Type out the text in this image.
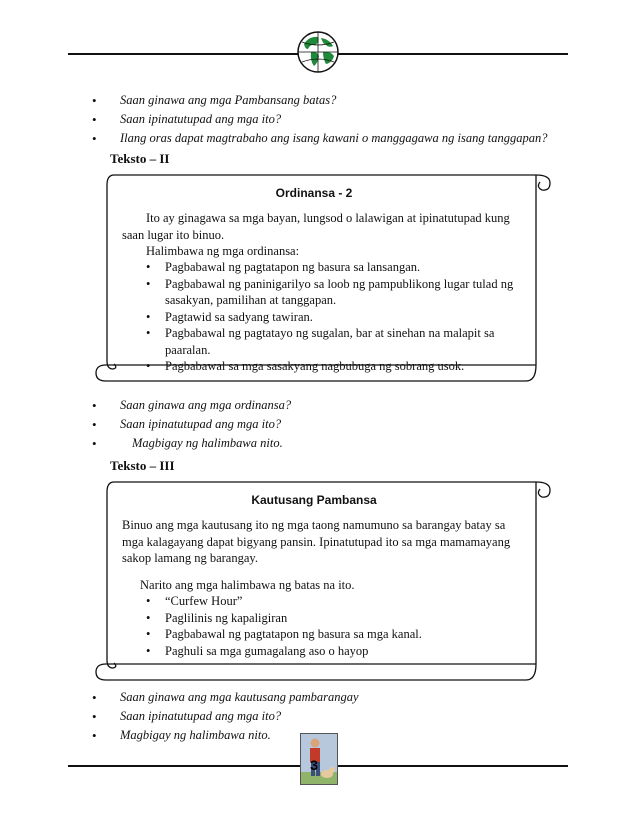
• Saan ginawa ang mga Pambansang batas?
• Saan ipinatutupad ang mga ito?
• Ilang oras dapat magtrabaho ang isang kawani o manggagawa ng isang tanggapan?
Teksto – II
Ordinansa - 2
Ito ay ginagawa sa mga bayan, lungsod o lalawigan at ipinatutupad kung saan lugar ito binuo.
Halimbawa ng mga ordinansa:
• Pagbabawal ng pagtatapon ng basura sa lansangan.
• Pagbabawal ng paninigarilyo sa loob ng pampublikong lugar tulad ng sasakyan, pamilihan at tanggapan.
• Pagtawid sa sadyang tawiran.
• Pagbabawal ng pagtatayo ng sugalan, bar at sinehan na malapit sa paaralan.
• Pagbabawal sa mga sasakyang nagbubuga ng sobrang usok.
• Saan ginawa ang mga ordinansa?
• Saan ipinatutupad ang mga ito?
• Magbigay ng halimbawa nito.
Teksto – III
Kautusang Pambansa
Binuo ang mga kautusang ito ng mga taong namumuno sa barangay batay sa mga kalagayang dapat bigyang pansin. Ipinatutupad ito sa mga mamamayang sakop lamang ng barangay.
Narito ang mga halimbawa ng batas na ito.
• “Curfew Hour”
• Paglilinis ng kapaligiran
• Pagbabawal ng pagtatapon ng basura sa mga kanal.
• Paghuli sa mga gumagalang aso o hayop
• Saan ginawa ang mga kautusang pambarangay
• Saan ipinatutupad ang mga ito?
• Magbigay ng halimbawa nito.
3
